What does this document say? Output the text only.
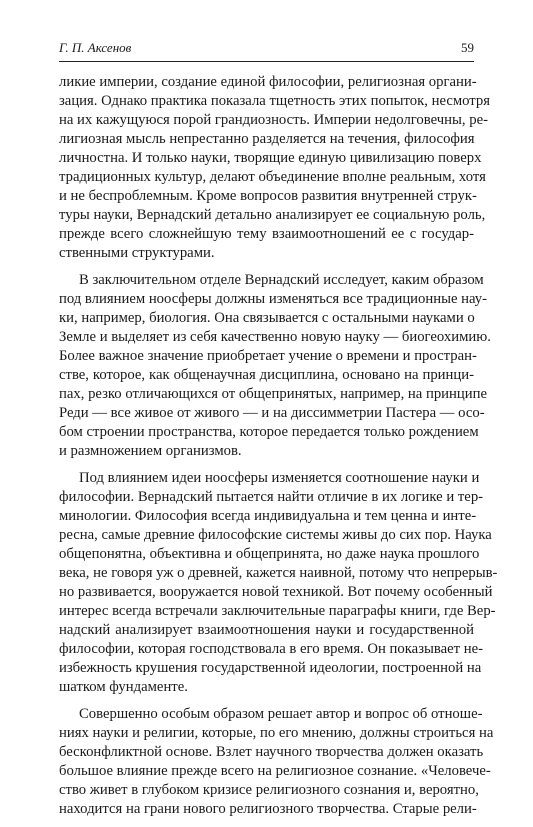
Г. П. Аксенов	59

ликие империи, создание единой философии, религиозная органи-
зация. Однако практика показала тщетность этих попыток, несмотря
на их кажущуюся порой грандиозность. Империи недолговечны, ре-
лигиозная мысль непрестанно разделяется на течения, философия
личностна. И только науки, творящие единую цивилизацию поверх
традиционных культур, делают объединение вполне реальным, хотя
и не беспроблемным. Кроме вопросов развития внутренней струк-
туры науки, Вернадский детально анализирует ее социальную роль,
прежде всего сложнейшую тему взаимоотношений ее с государ-
ственными структурами.

В заключительном отделе Вернадский исследует, каким образом
под влиянием ноосферы должны изменяться все традиционные нау-
ки, например, биология. Она связывается с остальными науками о
Земле и выделяет из себя качественно новую науку — биогеохимию.
Более важное значение приобретает учение о времени и простран-
стве, которое, как общенаучная дисциплина, основано на принци-
пах, резко отличающихся от общепринятых, например, на принципе
Реди — все живое от живого — и на диссимметрии Пастера — осо-
бом строении пространства, которое передается только рождением
и размножением организмов.

Под влиянием идеи ноосферы изменяется соотношение науки и
философии. Вернадский пытается найти отличие в их логике и тер-
минологии. Философия всегда индивидуальна и тем ценна и инте-
ресна, самые древние философские системы живы до сих пор. Наука
общепонятна, объективна и общепринята, но даже наука прошлого
века, не говоря уж о древней, кажется наивной, потому что непрерыв-
но развивается, вооружается новой техникой. Вот почему особенный
интерес всегда встречали заключительные параграфы книги, где Вер-
надский анализирует взаимоотношения науки и государственной
философии, которая господствовала в его время. Он показывает не-
избежность крушения государственной идеологии, построенной на
шатком фундаменте.

Совершенно особым образом решает автор и вопрос об отноше-
ниях науки и религии, которые, по его мнению, должны строиться на
бесконфликтной основе. Взлет научного творчества должен оказать
большое влияние прежде всего на религиозное сознание. «Человече-
ство живет в глубоком кризисе религиозного сознания и, вероятно,
находится на грани нового религиозного творчества. Старые рели-
